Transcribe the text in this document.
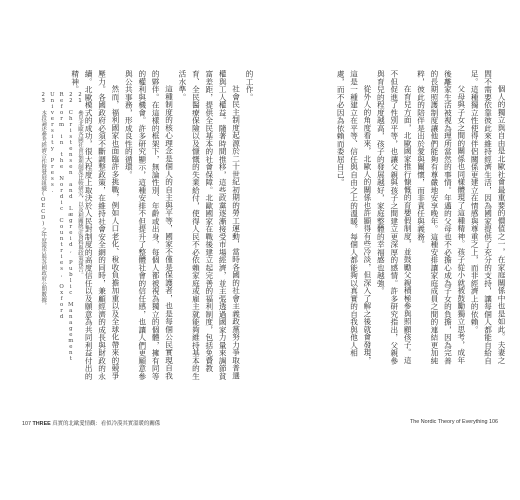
的工作。

社會民主制度起源於二十世紀初期的勞工運動，當時各國的社會主義政黨努力爭取普選權與工人權益。隨著時間推移，這些政黨逐漸接受市場經濟，並主張透過國家力量來調節貧富差距，提供全民基本的社會保障。北歐國家在戰後建立起完善的福利制度，包括免費教育、全民醫療保險以及慷慨的失業給付，使得人民不必依賴家庭或雇主就能夠維持基本的生活水準。

這種制度的核心理念是個人的自主與平等，國家不僅是保護者，也是每個公民實現自我的夥伴。在這樣的框架下，無論性別、年齡或出身，每個人都被視為獨立的個體，擁有同等的權利與機會。許多研究顯示，這種安排不但提升了整體社會的信任感，也讓人們更願意參與公共事務，形成良性的循環。

然而，福利國家也面臨許多挑戰，例如人口老化、稅收負擔加重以及全球化帶來的競爭壓力。各國政府必須不斷調整政策，在維持社會安全網的同時，兼顧經濟的成長與財政的永續。北歐模式的成功，很大程度上取決於人民對制度的高度信任以及願意為共同利益付出的精神。

21 參見北歐各國社會福利制度比較研究，以及相關統計資料與政策報告。

22 Christensen and Lægreid, Public Management Reform in the Nordic Countries, Oxford University Press.

23 本段論述參考經濟合作暨發展組織(OECD)之年度報告與各國政府公開數據。

107 THREE 真實的北歐愛情觀：看似冷漠其實溫暖的關係

個人的獨立與自由是北歐社會最重要的價值之一，在家庭關係中也是如此。夫妻之間不需要依靠彼此來維持經濟生活，因為國家提供了充分的支持，讓每個人都能自給自足。這種獨立性使得伴侶關係更建立在情感與尊重之上，而非經濟上的依賴。

父母與子女之間的關係也同樣體現了這種精神。孩子從小就被鼓勵獨立思考，成年後離家生活被視為理所當然的事情。年邁的父母也不必擔心成為子女的負擔，因為完善的長期照護制度讓他們能夠有尊嚴地安享晚年。這種安排讓家庭成員之間的連結更加純粹，彼此的陪伴是出於愛與關懷，而非責任與義務。

在育兒方面，北歐國家推行慷慨的育嬰假制度，並鼓勵父親積極參與照顧孩子。這不但促進了性別平等，也讓父親與孩子之間建立更深厚的感情。許多研究指出，父親參與育兒的程度越高，孩子的發展越好，家庭整體的幸福感也越強。

從外人的角度看來，北歐人的關係也許顯得有些冷淡，但深入了解之後就會發現，這是一種建立在平等、信任與自由之上的溫暖。每個人都能夠以真實的自我與他人相處，而不必因為依賴而委屈自己。

The Nordic Theory of Everything 106
